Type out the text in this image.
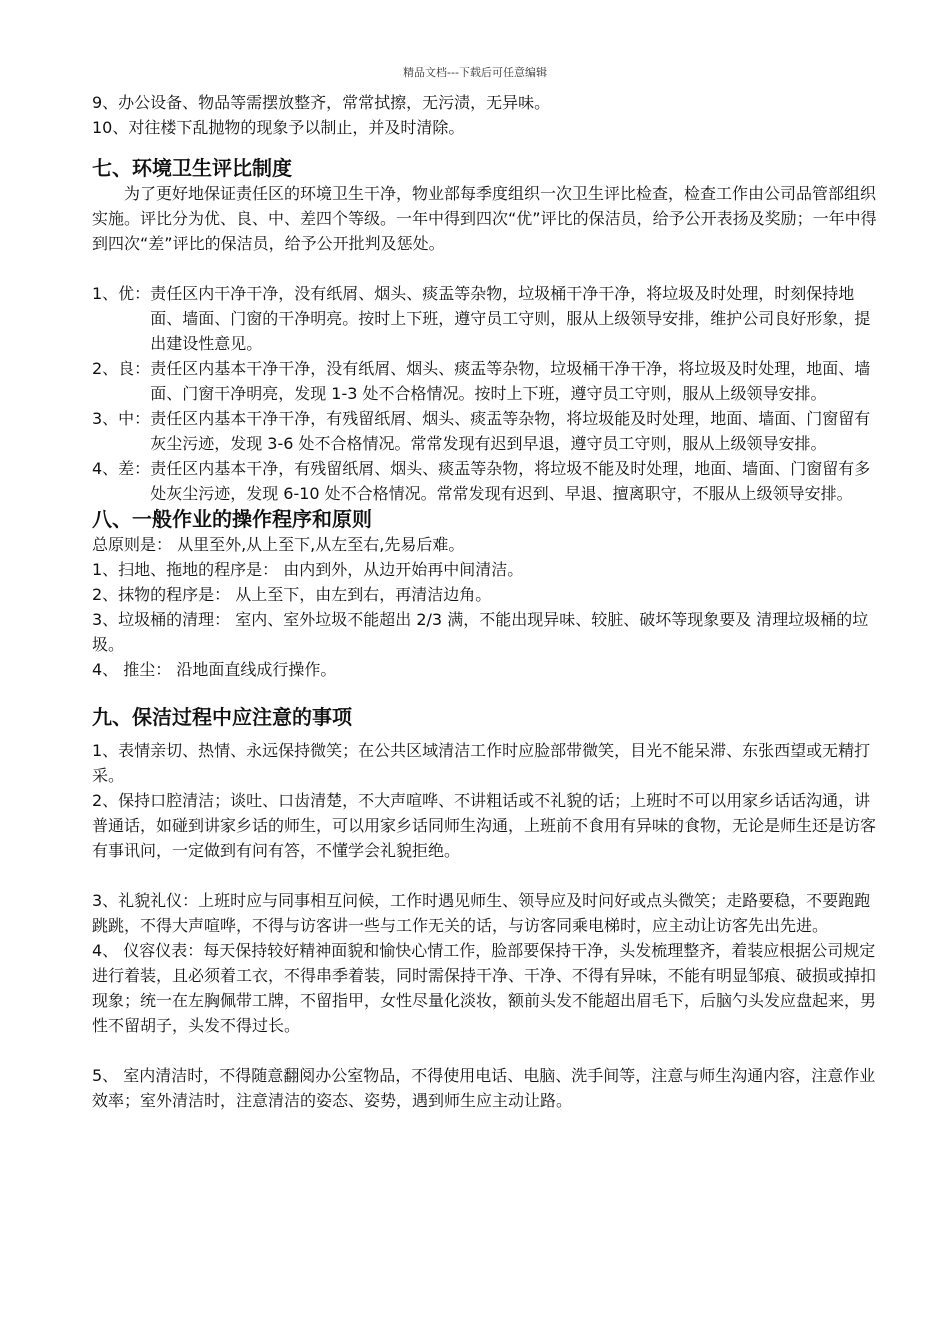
精品文档---下载后可任意编辑

9、办公设备、物品等需摆放整齐，常常拭擦，无污渍，无异味。

10、对往楼下乱抛物的现象予以制止，并及时清除。

七、环境卫生评比制度

为了更好地保证责任区的环境卫生干净，物业部每季度组织一次卫生评比检查，检查工作由公司品管部组织实施。评比分为优、良、中、差四个等级。一年中得到四次“优”评比的保洁员，给予公开表扬及奖励；一年中得到四次“差”评比的保洁员，给予公开批判及惩处。

1、优： 责任区内干净干净，没有纸屑、烟头、痰盂等杂物，垃圾桶干净干净，将垃圾及时处理，时刻保持地面、墙面、门窗的干净明亮。按时上下班，遵守员工守则，服从上级领导安排，维护公司良好形象，提出建设性意见。
2、良： 责任区内基本干净干净，没有纸屑、烟头、痰盂等杂物，垃圾桶干净干净，将垃圾及时处理，地面、墙面、门窗干净明亮，发现 1-3 处不合格情况。按时上下班，遵守员工守则，服从上级领导安排。
3、中： 责任区内基本干净干净，有残留纸屑、烟头、痰盂等杂物，将垃圾能及时处理，地面、墙面、门窗留有灰尘污迹，发现 3-6 处不合格情况。常常发现有迟到早退，遵守员工守则，服从上级领导安排。
4、差： 责任区内基本干净，有残留纸屑、烟头、痰盂等杂物，将垃圾不能及时处理，地面、墙面、门窗留有多处灰尘污迹，发现 6-10 处不合格情况。常常发现有迟到、早退、擅离职守，不服从上级领导安排。

八、一般作业的操作程序和原则

总原则是： 从里至外,从上至下,从左至右,先易后难。

1、扫地、拖地的程序是： 由内到外，从边开始再中间清洁。

2、抹物的程序是： 从上至下，由左到右，再清洁边角。

3、垃圾桶的清理： 室内、室外垃圾不能超出 2/3 满，不能出现异味、较脏、破坏等现象要及 清理垃圾桶的垃圾。

4、 推尘： 沿地面直线成行操作。

九、保洁过程中应注意的事项

1、表情亲切、热情、永远保持微笑；在公共区域清洁工作时应脸部带微笑，目光不能呆滞、东张西望或无精打采。

2、保持口腔清洁；谈吐、口齿清楚，不大声喧哗、不讲粗话或不礼貌的话；上班时不可以用家乡话话沟通，讲普通话，如碰到讲家乡话的师生，可以用家乡话同师生沟通，上班前不食用有异味的食物，无论是师生还是访客有事讯问，一定做到有问有答，不懂学会礼貌拒绝。

3、礼貌礼仪：上班时应与同事相互问候，工作时遇见师生、领导应及时问好或点头微笑；走路要稳，不要跑跑跳跳，不得大声喧哗，不得与访客讲一些与工作无关的话，与访客同乘电梯时，应主动让访客先出先进。

4、 仪容仪表：每天保持较好精神面貌和愉快心情工作，脸部要保持干净，头发梳理整齐，着装应根据公司规定进行着装，且必须着工衣，不得串季着装，同时需保持干净、干净、不得有异味，不能有明显邹痕、破损或掉扣现象；统一在左胸佩带工牌，不留指甲，女性尽量化淡妆，额前头发不能超出眉毛下，后脑勺头发应盘起来，男性不留胡子，头发不得过长。

5、 室内清洁时，不得随意翻阅办公室物品，不得使用电话、电脑、洗手间等，注意与师生沟通内容，注意作业效率；室外清洁时，注意清洁的姿态、姿势，遇到师生应主动让路。
